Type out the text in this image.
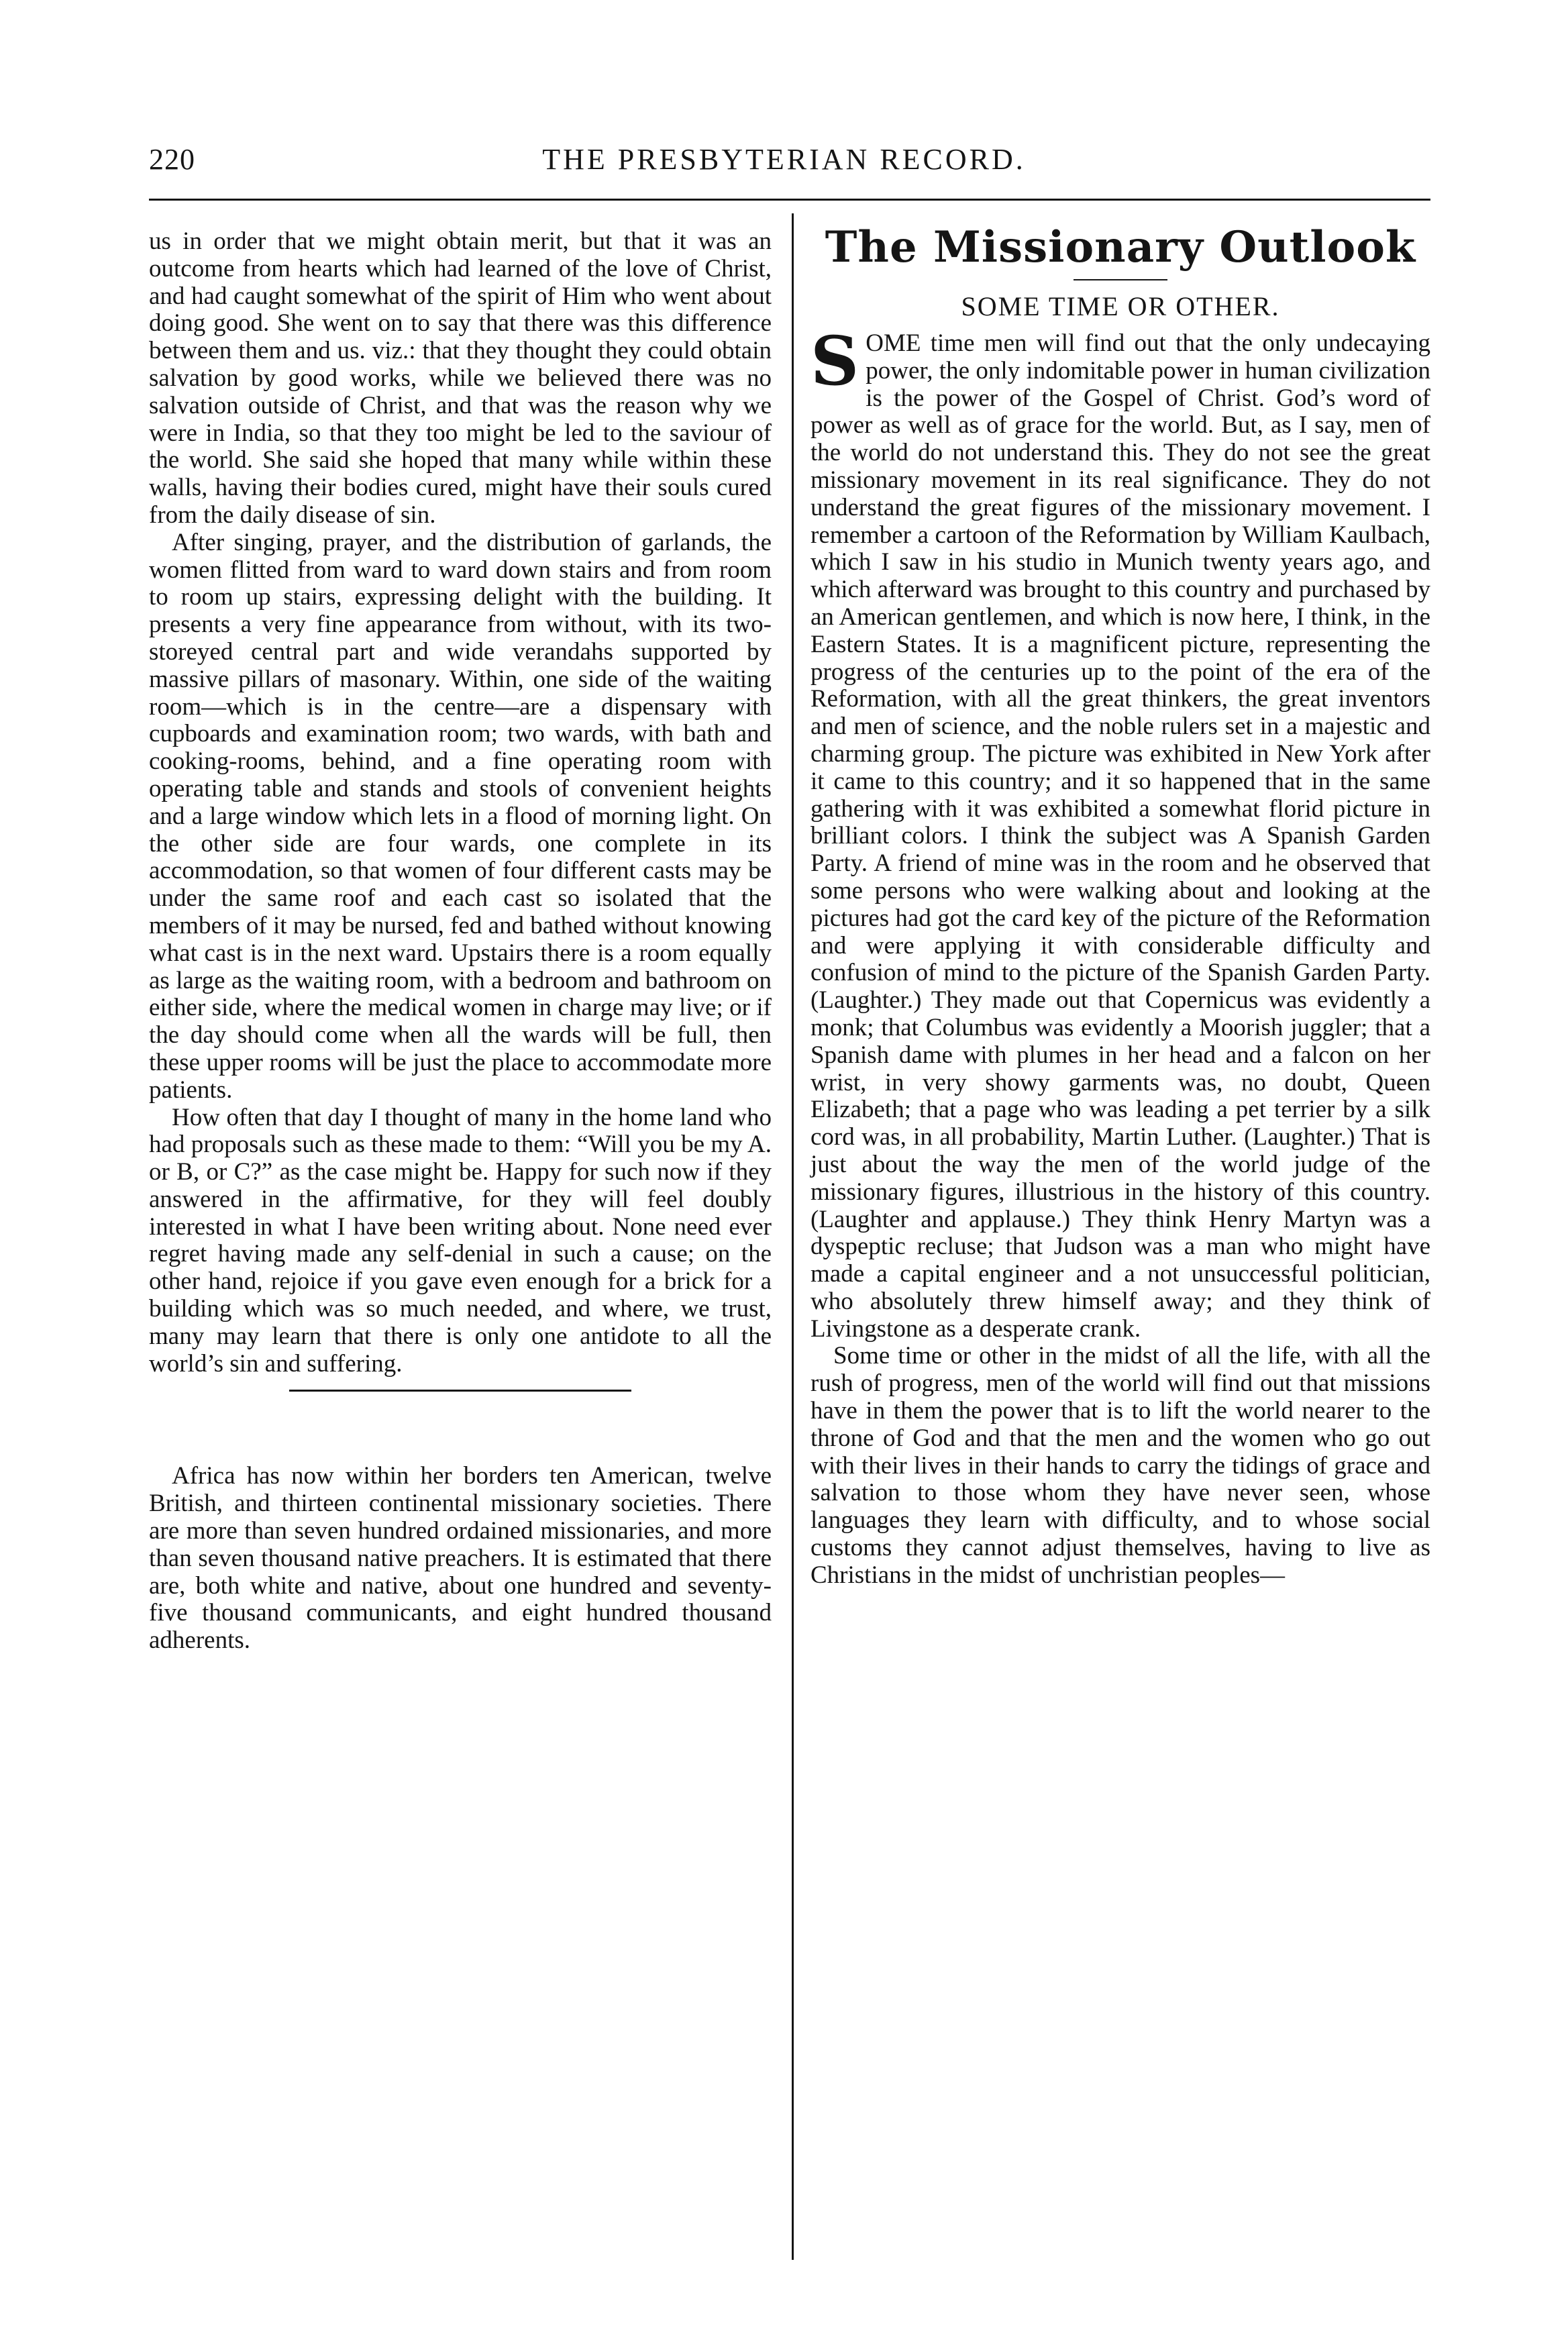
220	THE PRESBYTERIAN RECORD.

us in order that we might obtain merit, but that it was an outcome from hearts which had learned of the love of Christ, and had caught somewhat of the spirit of Him who went about doing good. She went on to say that there was this difference between them and us. viz.: that they thought they could obtain salvation by good works, while we believed there was no salvation outside of Christ, and that was the reason why we were in India, so that they too might be led to the saviour of the world. She said she hoped that many while within these walls, having their bodies cured, might have their souls cured from the daily disease of sin.

After singing, prayer, and the distribution of garlands, the women flitted from ward to ward down stairs and from room to room up stairs, expressing delight with the building. It presents a very fine appearance from without, with its two-storeyed central part and wide verandahs supported by massive pillars of masonary. Within, one side of the waiting room—which is in the centre—are a dispensary with cupboards and examination room; two wards, with bath and cooking-rooms, behind, and a fine operating room with operating table and stands and stools of convenient heights and a large window which lets in a flood of morning light. On the other side are four wards, one complete in its accommodation, so that women of four different casts may be under the same roof and each cast so isolated that the members of it may be nursed, fed and bathed without knowing what cast is in the next ward. Upstairs there is a room equally as large as the waiting room, with a bedroom and bathroom on either side, where the medical women in charge may live; or if the day should come when all the wards will be full, then these upper rooms will be just the place to accommodate more patients.

How often that day I thought of many in the home land who had proposals such as these made to them: “Will you be my A. or B, or C?” as the case might be. Happy for such now if they answered in the affirmative, for they will feel doubly interested in what I have been writing about. None need ever regret having made any self-denial in such a cause; on the other hand, rejoice if you gave even enough for a brick for a building which was so much needed, and where, we trust, many may learn that there is only one antidote to all the world’s sin and suffering.

Africa has now within her borders ten American, twelve British, and thirteen continental missionary societies. There are more than seven hundred ordained missionaries, and more than seven thousand native preachers. It is estimated that there are, both white and native, about one hundred and seventy-five thousand communicants, and eight hundred thousand adherents.

The Missionary Outlook
SOME TIME OR OTHER.

SOME time men will find out that the only undecaying power, the only indomitable power in human civilization is the power of the Gospel of Christ. God’s word of power as well as of grace for the world. But, as I say, men of the world do not understand this. They do not see the great missionary movement in its real significance. They do not understand the great figures of the missionary movement. I remember a cartoon of the Reformation by William Kaulbach, which I saw in his studio in Munich twenty years ago, and which afterward was brought to this country and purchased by an American gentlemen, and which is now here, I think, in the Eastern States. It is a magnificent picture, representing the progress of the centuries up to the point of the era of the Reformation, with all the great thinkers, the great inventors and men of science, and the noble rulers set in a majestic and charming group. The picture was exhibited in New York after it came to this country; and it so happened that in the same gathering with it was exhibited a somewhat florid picture in brilliant colors. I think the subject was A Spanish Garden Party. A friend of mine was in the room and he observed that some persons who were walking about and looking at the pictures had got the card key of the picture of the Reformation and were applying it with considerable difficulty and confusion of mind to the picture of the Spanish Garden Party. (Laughter.) They made out that Copernicus was evidently a monk; that Columbus was evidently a Moorish juggler; that a Spanish dame with plumes in her head and a falcon on her wrist, in very showy garments was, no doubt, Queen Elizabeth; that a page who was leading a pet terrier by a silk cord was, in all probability, Martin Luther. (Laughter.) That is just about the way the men of the world judge of the missionary figures, illustrious in the history of this country. (Laughter and applause.) They think Henry Martyn was a dyspeptic recluse; that Judson was a man who might have made a capital engineer and a not unsuccessful politician, who absolutely threw himself away; and they think of Livingstone as a desperate crank.

Some time or other in the midst of all the life, with all the rush of progress, men of the world will find out that missions have in them the power that is to lift the world nearer to the throne of God and that the men and the women who go out with their lives in their hands to carry the tidings of grace and salvation to those whom they have never seen, whose languages they learn with difficulty, and to whose social customs they cannot adjust themselves, having to live as Christians in the midst of unchristian peoples—
